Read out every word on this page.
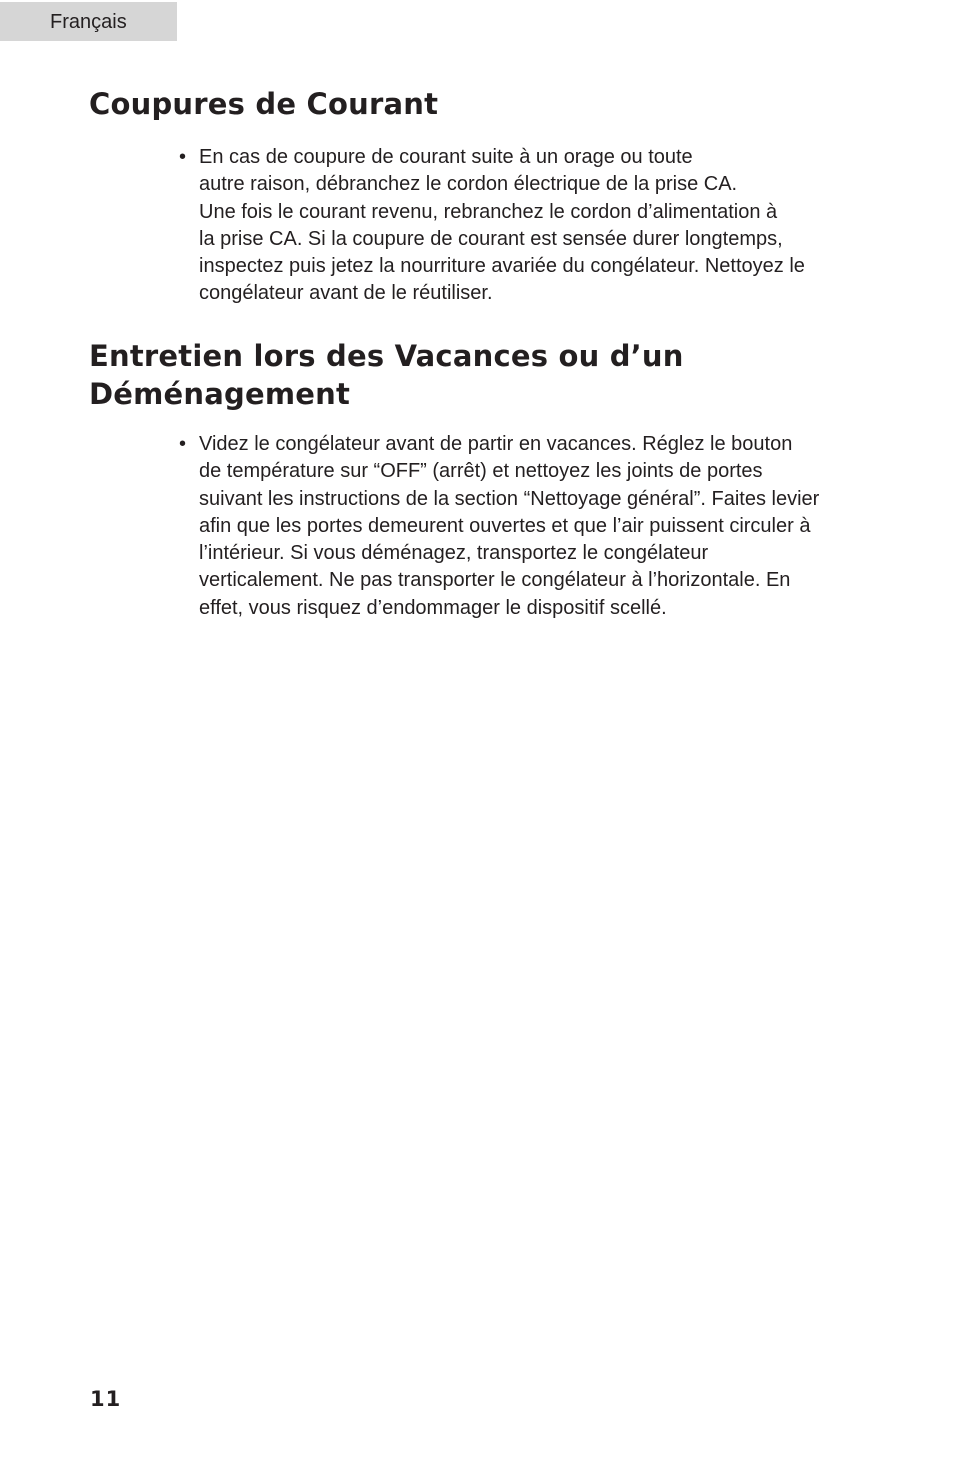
Français
Coupures de Courant
• En cas de coupure de courant suite à un orage ou toute
autre raison, débranchez le cordon électrique de la prise CA.
Une fois le courant revenu, rebranchez le cordon d’alimentation à
la prise CA. Si la coupure de courant est sensée durer longtemps,
inspectez puis jetez la nourriture avariée du congélateur. Nettoyez le
congélateur avant de le réutiliser.
Entretien lors des Vacances ou d’un
Déménagement
• Videz le congélateur avant de partir en vacances. Réglez le bouton
de température sur “OFF” (arrêt) et nettoyez les joints de portes
suivant les instructions de la section “Nettoyage général”. Faites levier
afin que les portes demeurent ouvertes et que l’air puissent circuler à
l’intérieur. Si vous déménagez, transportez le congélateur
verticalement. Ne pas transporter le congélateur à l’horizontale. En
effet, vous risquez d’endommager le dispositif scellé.
11
